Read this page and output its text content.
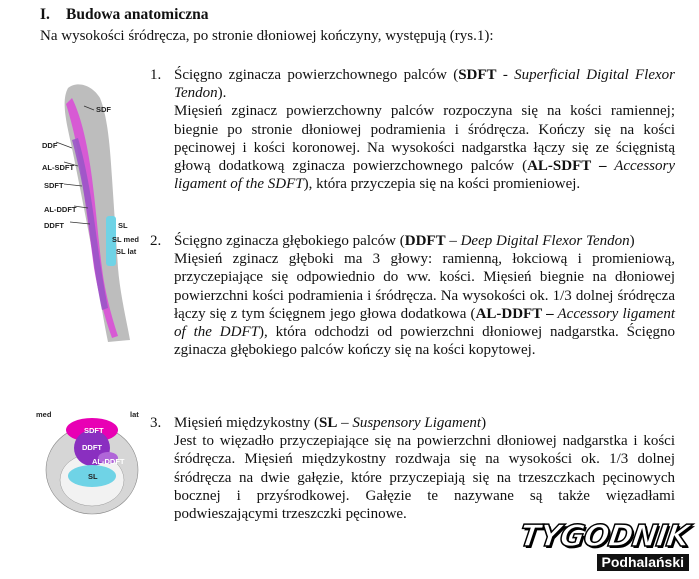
I. Budowa anatomiczna
Na wysokości śródręcza, po stronie dłoniowej kończyny, występują (rys.1):
SDF
DDF
AL-SDFT
SDFT
AL-DDFT
DDFT	SL
SL med
SL lat
med	lat
SDFT
DDFT
AL-DDFT
SL
1. Ścięgno zginacza powierzchownego palców (SDFT - Superficial Digital Flexor Tendon).
Mięsień zginacz powierzchowny palców rozpoczyna się na kości ramiennej; biegnie po stronie dłoniowej podramienia i śródręcza. Kończy się na kości pęcinowej i kości koronowej. Na wysokości nadgarstka łączy się ze ścięgnistą głową dodatkową zginacza powierzchownego palców (AL-SDFT – Accessory ligament of the SDFT), która przyczepia się na kości promieniowej.
2. Ścięgno zginacza głębokiego palców (DDFT – Deep Digital Flexor Tendon)
Mięsień zginacz głęboki ma 3 głowy: ramienną, łokciową i promieniową, przyczepiające się odpowiednio do ww. kości. Mięsień biegnie na dłoniowej powierzchni kości podramienia i śródręcza. Na wysokości ok. 1/3 dolnej śródręcza łączy się z tym ścięgnem jego głowa dodatkowa (AL-DDFT – Accessory ligament of the DDFT), która odchodzi od powierzchni dłoniowej nadgarstka. Ścięgno zginacza głębokiego palców kończy się na kości kopytowej.
3. Mięsień międzykostny (SL – Suspensory Ligament)
Jest to więzadło przyczepiające się na powierzchni dłoniowej nadgarstka i kości śródręcza. Mięsień międzykostny rozdwaja się na wysokości ok. 1/3 dolnej śródręcza na dwie gałęzie, które przyczepiają się na trzeszczkach pęcinowych bocznej i przyśrodkowej. Gałęzie te nazywane są także więzadłami podwieszającymi trzeszczki pęcinowe.
TYGODNIK
Podhalański
